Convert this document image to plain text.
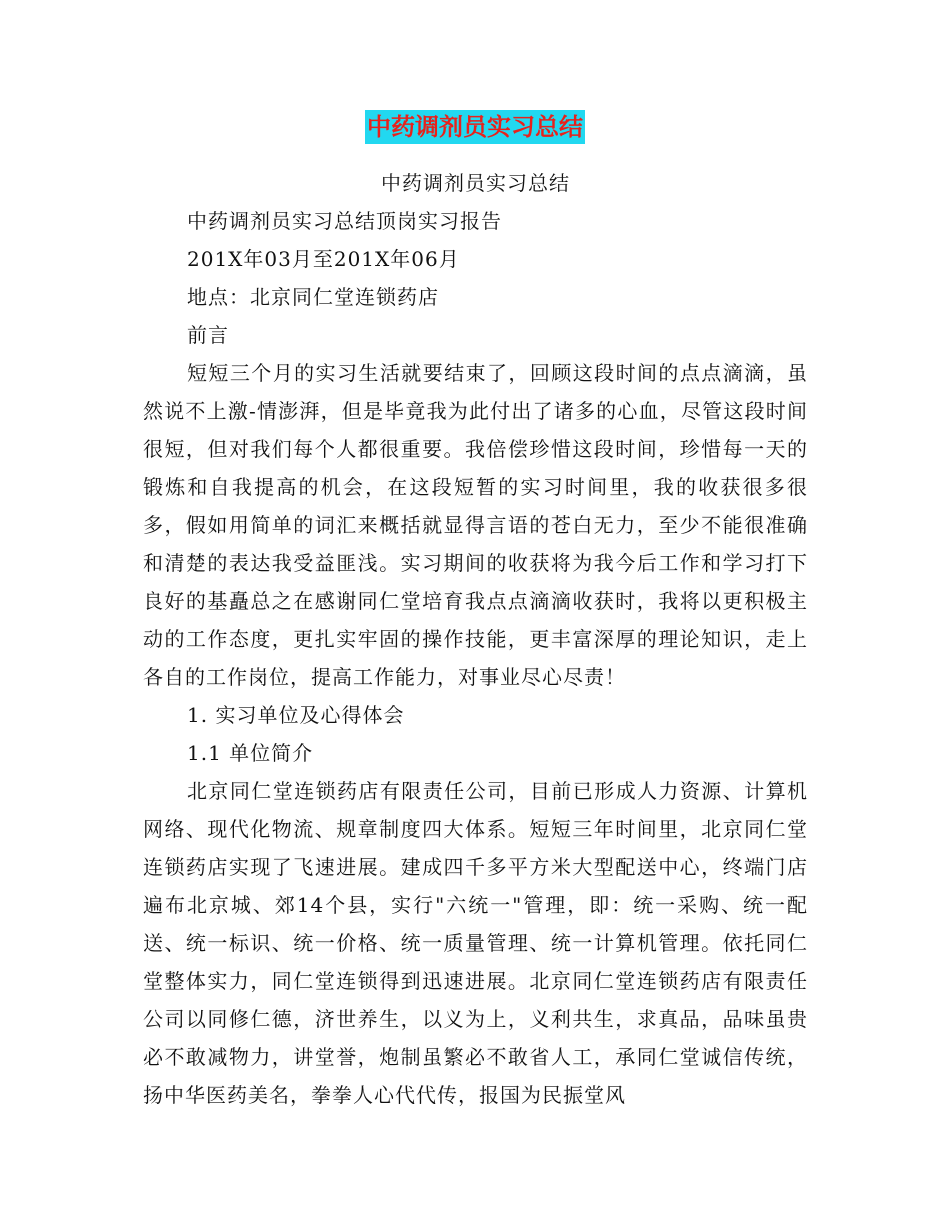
中药调剂员实习总结

中药调剂员实习总结

中药调剂员实习总结顶岗实习报告

201X年03月至201X年06月

地点：北京同仁堂连锁药店

前言

短短三个月的实习生活就要结束了，回顾这段时间的点点滴滴，虽然说不上激-情澎湃，但是毕竟我为此付出了诸多的心血，尽管这段时间很短，但对我们每个人都很重要。我倍偿珍惜这段时间，珍惜每一天的锻炼和自我提高的机会，在这段短暂的实习时间里，我的收获很多很多，假如用简单的词汇来概括就显得言语的苍白无力，至少不能很准确和清楚的表达我受益匪浅。实习期间的收获将为我今后工作和学习打下良好的基矗总之在感谢同仁堂培育我点点滴滴收获时，我将以更积极主动的工作态度，更扎实牢固的操作技能，更丰富深厚的理论知识，走上各自的工作岗位，提高工作能力，对事业尽心尽责！

1. 实习单位及心得体会

1.1 单位简介

北京同仁堂连锁药店有限责任公司，目前已形成人力资源、计算机网络、现代化物流、规章制度四大体系。短短三年时间里，北京同仁堂连锁药店实现了飞速进展。建成四千多平方米大型配送中心，终端门店遍布北京城、郊14个县，实行"六统一"管理，即：统一采购、统一配送、统一标识、统一价格、统一质量管理、统一计算机管理。依托同仁堂整体实力，同仁堂连锁得到迅速进展。北京同仁堂连锁药店有限责任公司以同修仁德，济世养生，以义为上，义利共生，求真品，品味虽贵必不敢减物力，讲堂誉，炮制虽繁必不敢省人工，承同仁堂诚信传统，扬中华医药美名，拳拳人心代代传，报国为民振堂风
